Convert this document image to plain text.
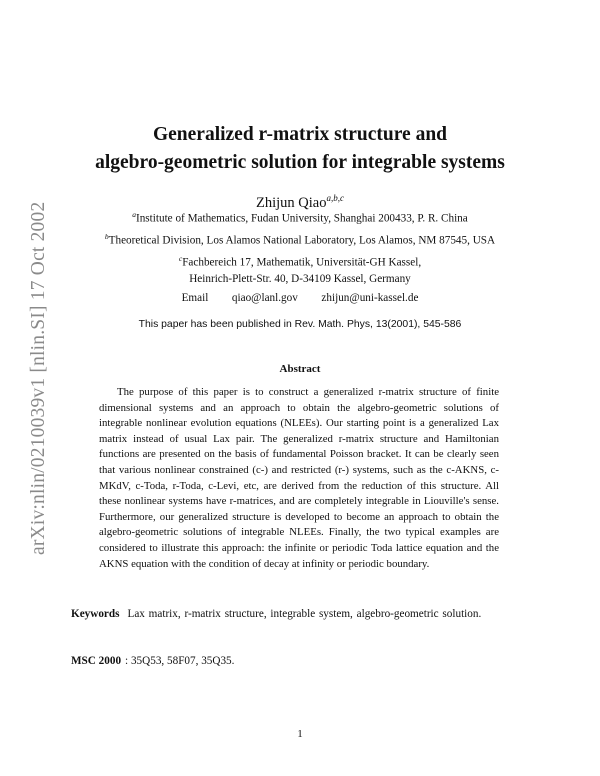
arXiv:nlin/0210039v1 [nlin.SI] 17 Oct 2002
Generalized r-matrix structure and
algebro-geometric solution for integrable systems
Zhijun Qiao$^{a,b,c}$
$^a$Institute of Mathematics, Fudan University, Shanghai 200433, P. R. China
$^b$Theoretical Division, Los Alamos National Laboratory, Los Alamos, NM 87545, USA
$^c$Fachbereich 17, Mathematik, Universität-GH Kassel,
Heinrich-Plett-Str. 40, D-34109 Kassel, Germany
Email qiao@lanl.gov zhijun@uni-kassel.de
This paper has been published in Rev. Math. Phys, 13(2001), 545-586
Abstract

The purpose of this paper is to construct a generalized r-matrix structure of finite dimensional systems and an approach to obtain the algebro-geometric solutions of integrable nonlinear evolution equations (NLEEs). Our starting point is a generalized Lax matrix instead of usual Lax pair. The generalized r-matrix structure and Hamiltonian functions are presented on the basis of fundamental Poisson bracket. It can be clearly seen that various nonlinear constrained (c-) and restricted (r-) systems, such as the c-AKNS, c-MKdV, c-Toda, r-Toda, c-Levi, etc, are derived from the reduction of this structure. All these nonlinear systems have r-matrices, and are completely integrable in Liouville's sense. Furthermore, our generalized structure is developed to become an approach to obtain the algebro-geometric solutions of integrable NLEEs. Finally, the two typical examples are considered to illustrate this approach: the infinite or periodic Toda lattice equation and the AKNS equation with the condition of decay at infinity or periodic boundary.

Keywords Lax matrix, r-matrix structure, integrable system, algebro-geometric solution.
MSC 2000 : 35Q53, 58F07, 35Q35.
1
